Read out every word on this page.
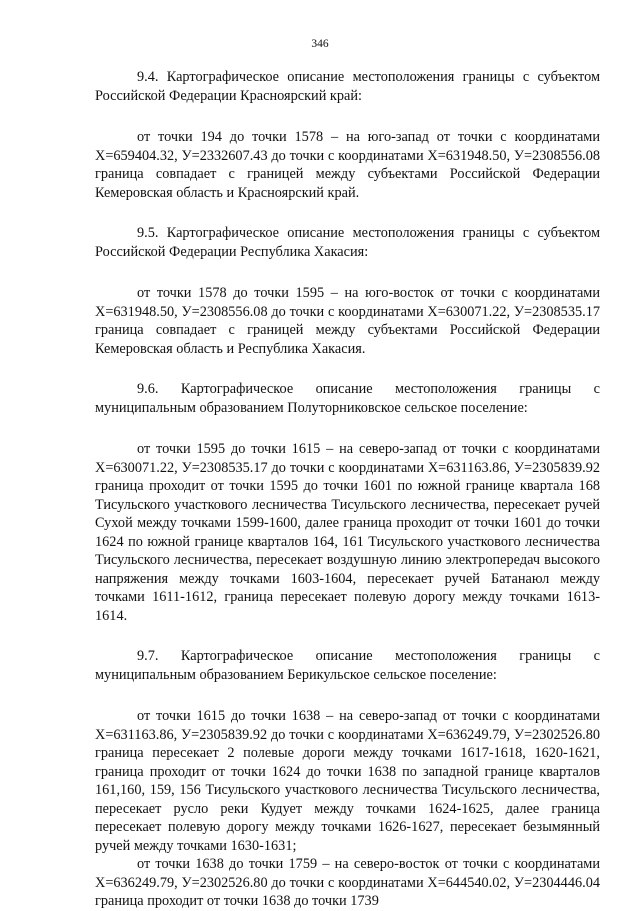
346

9.4. Картографическое описание местоположения границы с субъектом Российской Федерации Красноярский край:

от точки 194 до точки 1578 – на юго-запад от точки с координатами Х=659404.32, У=2332607.43 до точки с координатами Х=631948.50, У=2308556.08 граница совпадает с границей между субъектами Российской Федерации Кемеровская область и Красноярский край.

9.5. Картографическое описание местоположения границы с субъектом Российской Федерации Республика Хакасия:

от точки 1578 до точки 1595 – на юго-восток от точки с координатами Х=631948.50, У=2308556.08 до точки с координатами Х=630071.22, У=2308535.17 граница совпадает с границей между субъектами Российской Федерации Кемеровская область и Республика Хакасия.

9.6. Картографическое описание местоположения границы с муниципальным образованием Полуторниковское сельское поселение:

от точки 1595 до точки 1615 – на северо-запад от точки с координатами Х=630071.22, У=2308535.17 до точки с координатами Х=631163.86, У=2305839.92 граница проходит от точки 1595 до точки 1601 по южной границе квартала 168 Тисульского участкового лесничества Тисульского лесничества, пересекает ручей Сухой между точками 1599-1600, далее граница проходит от точки 1601 до точки 1624 по южной границе кварталов 164, 161 Тисульского участкового лесничества Тисульского лесничества, пересекает воздушную линию электропередач высокого напряжения между точками 1603-1604, пересекает ручей Батанаюл между точками 1611-1612, граница пересекает полевую дорогу между точками 1613-1614.

9.7. Картографическое описание местоположения границы с муниципальным образованием Берикульское сельское поселение:

от точки 1615 до точки 1638 – на северо-запад от точки с координатами Х=631163.86, У=2305839.92 до точки с координатами Х=636249.79, У=2302526.80 граница пересекает 2 полевые дороги между точками 1617-1618, 1620-1621, граница проходит от точки 1624 до точки 1638 по западной границе кварталов 161,160, 159, 156 Тисульского участкового лесничества Тисульского лесничества, пересекает русло реки Кудует между точками 1624-1625, далее граница пересекает полевую дорогу между точками 1626-1627, пересекает безымянный ручей между точками 1630-1631;

от точки 1638 до точки 1759 – на северо-восток от точки с координатами Х=636249.79, У=2302526.80 до точки с координатами Х=644540.02, У=2304446.04 граница проходит от точки 1638 до точки 1739
